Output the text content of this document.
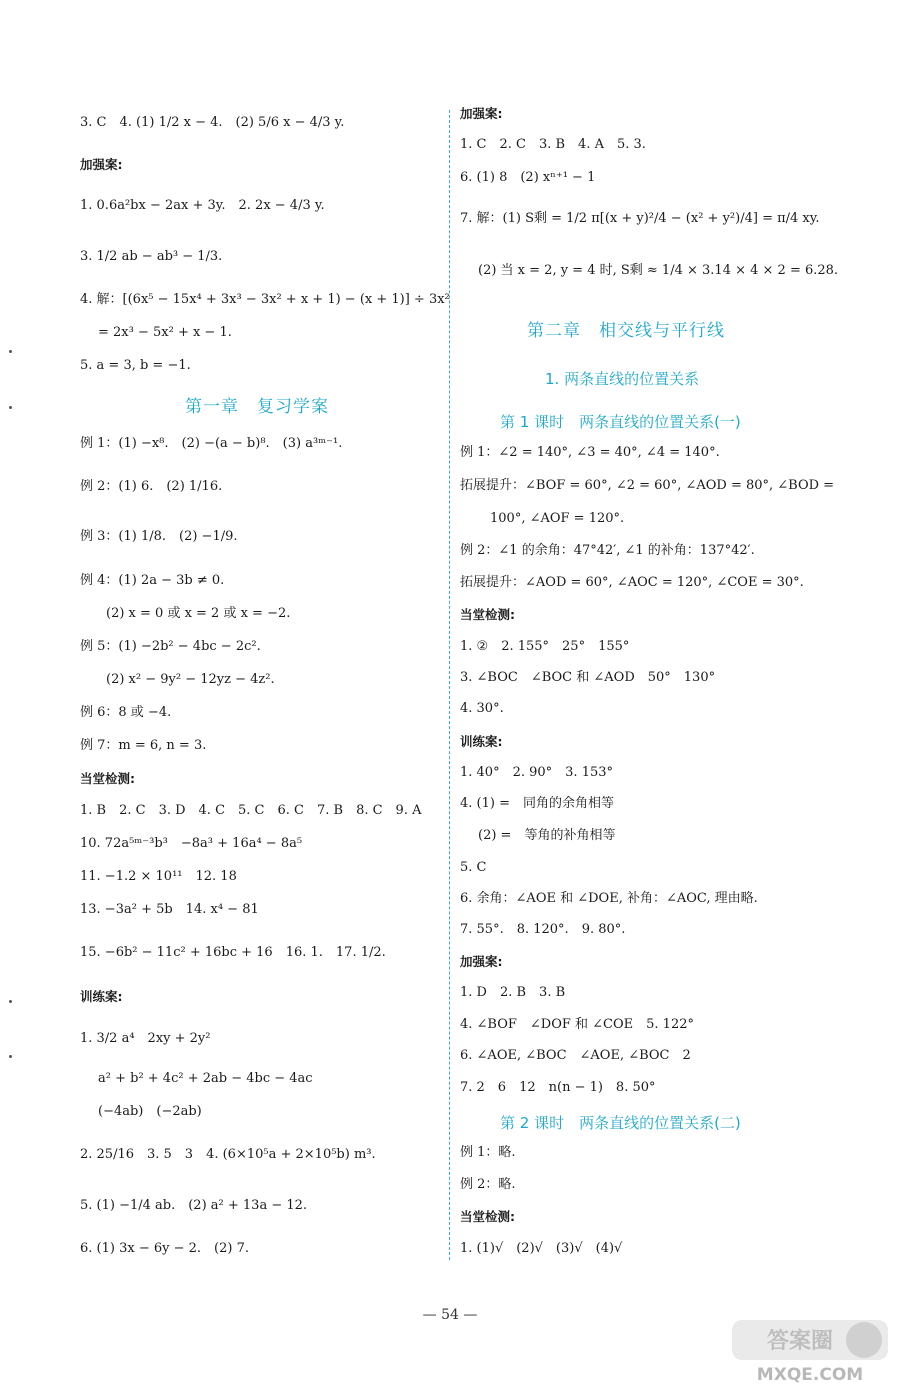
3. C　4. (1) 1/2 x − 4.　(2) 5/6 x − 4/3 y.
加强案:
1. 0.6a²bx − 2ax + 3y.　2. 2x − 4/3 y.
3. 1/2 ab − ab³ − 1/3.
4. 解：[(6x⁵ − 15x⁴ + 3x³ − 3x² + x + 1) − (x + 1)] ÷ 3x²
= 2x³ − 5x² + x − 1.
5. a = 3, b = −1.
第一章　复习学案
例 1：(1) −x⁸.　(2) −(a − b)⁸.　(3) a³ᵐ⁻¹.
例 2：(1) 6.　(2) 1/16.
例 3：(1) 1/8.　(2) −1/9.
例 4：(1) 2a − 3b ≠ 0.
(2) x = 0 或 x = 2 或 x = −2.
例 5：(1) −2b² − 4bc − 2c².
(2) x² − 9y² − 12yz − 4z².
例 6：8 或 −4.
例 7：m = 6, n = 3.
当堂检测:
1. B　2. C　3. D　4. C　5. C　6. C　7. B　8. C　9. A
10. 72a⁵ᵐ⁻³b³　−8a³ + 16a⁴ − 8a⁵
11. −1.2 × 10¹¹　12. 18
13. −3a² + 5b　14. x⁴ − 81
15. −6b² − 11c² + 16bc + 16　16. 1.　17. 1/2.
训练案:
1. 3/2 a⁴　2xy + 2y²
a² + b² + 4c² + 2ab − 4bc − 4ac
(−4ab)　(−2ab)
2. 25/16　3. 5　3　4. (6×10⁵a + 2×10⁵b) m³.
5. (1) −1/4 ab.　(2) a² + 13a − 12.
6. (1) 3x − 6y − 2.　(2) 7.
加强案:
1. C　2. C　3. B　4. A　5. 3.
6. (1) 8　(2) xⁿ⁺¹ − 1
7. 解：(1) S剩 = 1/2 π[(x + y)²/4 − (x² + y²)/4] = π/4 xy.
(2) 当 x = 2, y = 4 时, S剩 ≈ 1/4 × 3.14 × 4 × 2 = 6.28.
第二章　相交线与平行线
1. 两条直线的位置关系
第 1 课时　两条直线的位置关系(一)
例 1：∠2 = 140°, ∠3 = 40°, ∠4 = 140°.
拓展提升：∠BOF = 60°, ∠2 = 60°, ∠AOD = 80°, ∠BOD =
100°, ∠AOF = 120°.
例 2：∠1 的余角：47°42′, ∠1 的补角：137°42′.
拓展提升：∠AOD = 60°, ∠AOC = 120°, ∠COE = 30°.
当堂检测:
1. ②　2. 155°　25°　155°
3. ∠BOC　∠BOC 和 ∠AOD　50°　130°
4. 30°.
训练案:
1. 40°　2. 90°　3. 153°
4. (1) =　同角的余角相等
(2) =　等角的补角相等
5. C
6. 余角：∠AOE 和 ∠DOE, 补角：∠AOC, 理由略.
7. 55°.　8. 120°.　9. 80°.
加强案:
1. D　2. B　3. B
4. ∠BOF　∠DOF 和 ∠COE　5. 122°
6. ∠AOE, ∠BOC　∠AOE, ∠BOC　2
7. 2　6　12　n(n − 1)　8. 50°
第 2 课时　两条直线的位置关系(二)
例 1：略.
例 2：略.
当堂检测:
1. (1)√　(2)√　(3)√　(4)√
— 54 —
答案圈
MXQE.COM
